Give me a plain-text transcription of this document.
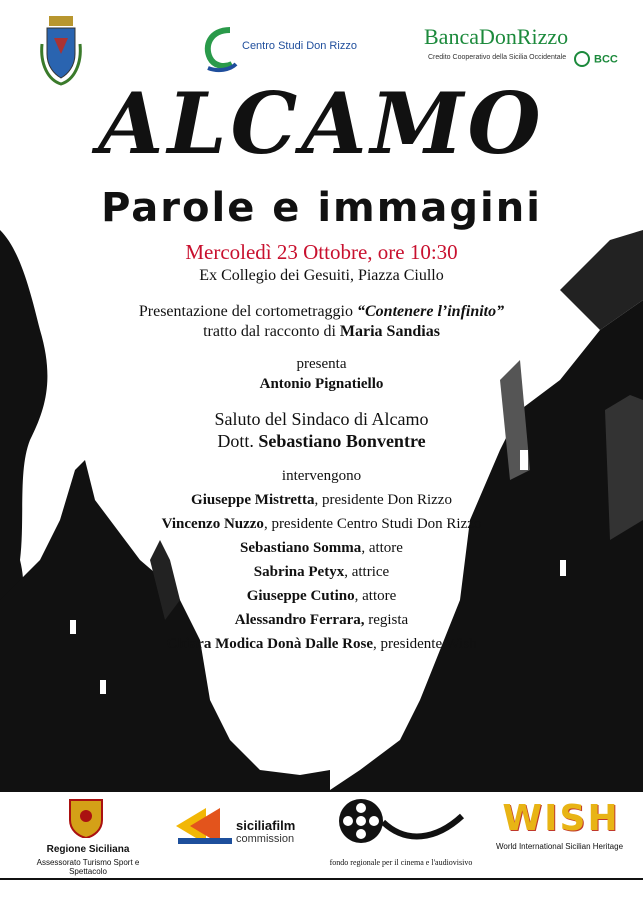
Centro Studi Don Rizzo	BancaDonRizzo
Credito Cooperativo della Sicilia Occidentale	BCC
ALCAMO
Parole e immagini
Mercoledì 23 Ottobre, ore 10:30
Ex Collegio dei Gesuiti, Piazza Ciullo
Presentazione del cortometraggio “Contenere l’infinito”
tratto dal racconto di Maria Sandias
presenta
Antonio Pignatiello
Saluto del Sindaco di Alcamo
Dott. Sebastiano Bonventre
intervengono
Giuseppe Mistretta, presidente Don Rizzo
Vincenzo Nuzzo, presidente Centro Studi Don Rizzo
Sebastiano Somma, attore
Sabrina Petyx, attrice
Giuseppe Cutino, attore
Alessandro Ferrara, regista
Chiara Modica Donà Dalle Rose, presidente Wish
Regione Siciliana
Assessorato Turismo Sport e Spettacolo
siciliafilm
commission
fondo regionale per il cinema e l'audiovisivo
WISH
World International Sicilian Heritage
